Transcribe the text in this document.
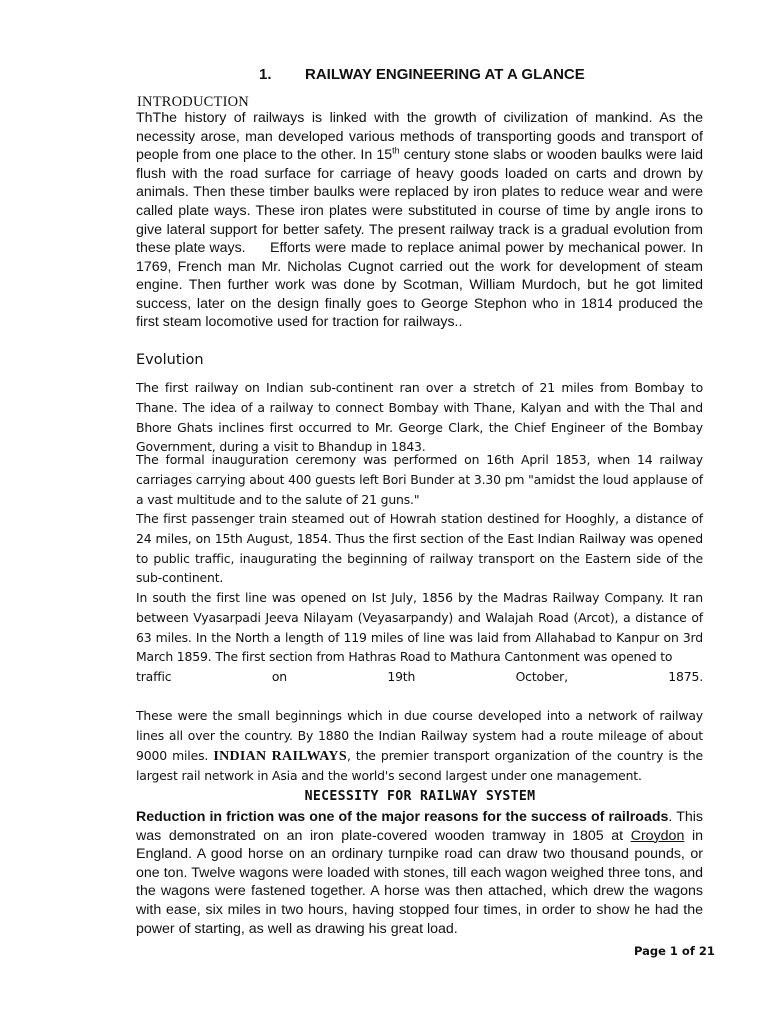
1. RAILWAY ENGINEERING AT A GLANCE
INTRODUCTION
ThThe history of railways is linked with the growth of civilization of mankind. As the necessity arose, man developed various methods of transporting goods and transport of people from one place to the other. In 15th century stone slabs or wooden baulks were laid flush with the road surface for carriage of heavy goods loaded on carts and drown by animals. Then these timber baulks were replaced by iron plates to reduce wear and were called plate ways. These iron plates were substituted in course of time by angle irons to give lateral support for better safety. The present railway track is a gradual evolution from these plate ways.	Efforts were made to replace animal power by mechanical power. In 1769, French man Mr. Nicholas Cugnot carried out the work for development of steam engine. Then further work was done by Scotman, William Murdoch, but he got limited success, later on the design finally goes to George Stephon who in 1814 produced the first steam locomotive used for traction for railways..
Evolution
The first railway on Indian sub-continent ran over a stretch of 21 miles from Bombay to Thane. The idea of a railway to connect Bombay with Thane, Kalyan and with the Thal and Bhore Ghats inclines first occurred to Mr. George Clark, the Chief Engineer of the Bombay Government, during a visit to Bhandup in 1843.
The formal inauguration ceremony was performed on 16th April 1853, when 14 railway carriages carrying about 400 guests left Bori Bunder at 3.30 pm "amidst the loud applause of a vast multitude and to the salute of 21 guns."
The first passenger train steamed out of Howrah station destined for Hooghly, a distance of 24 miles, on 15th August, 1854. Thus the first section of the East Indian Railway was opened to public traffic, inaugurating the beginning of railway transport on the Eastern side of the sub-continent.
In south the first line was opened on Ist July, 1856 by the Madras Railway Company. It ran between Vyasarpadi Jeeva Nilayam (Veyasarpandy) and Walajah Road (Arcot), a distance of 63 miles. In the North a length of 119 miles of line was laid from Allahabad to Kanpur on 3rd March 1859. The first section from Hathras Road to Mathura Cantonment was opened to
traffic on 19th October, 1875.
These were the small beginnings which in due course developed into a network of railway lines all over the country. By 1880 the Indian Railway system had a route mileage of about 9000 miles. INDIAN RAILWAYS, the premier transport organization of the country is the largest rail network in Asia and the world's second largest under one management.
NECESSITY FOR RAILWAY SYSTEM
Reduction in friction was one of the major reasons for the success of railroads. This was demonstrated on an iron plate-covered wooden tramway in 1805 at Croydon in England. A good horse on an ordinary turnpike road can draw two thousand pounds, or one ton. Twelve wagons were loaded with stones, till each wagon weighed three tons, and the wagons were fastened together. A horse was then attached, which drew the wagons with ease, six miles in two hours, having stopped four times, in order to show he had the power of starting, as well as drawing his great load.
Page 1 of 21
